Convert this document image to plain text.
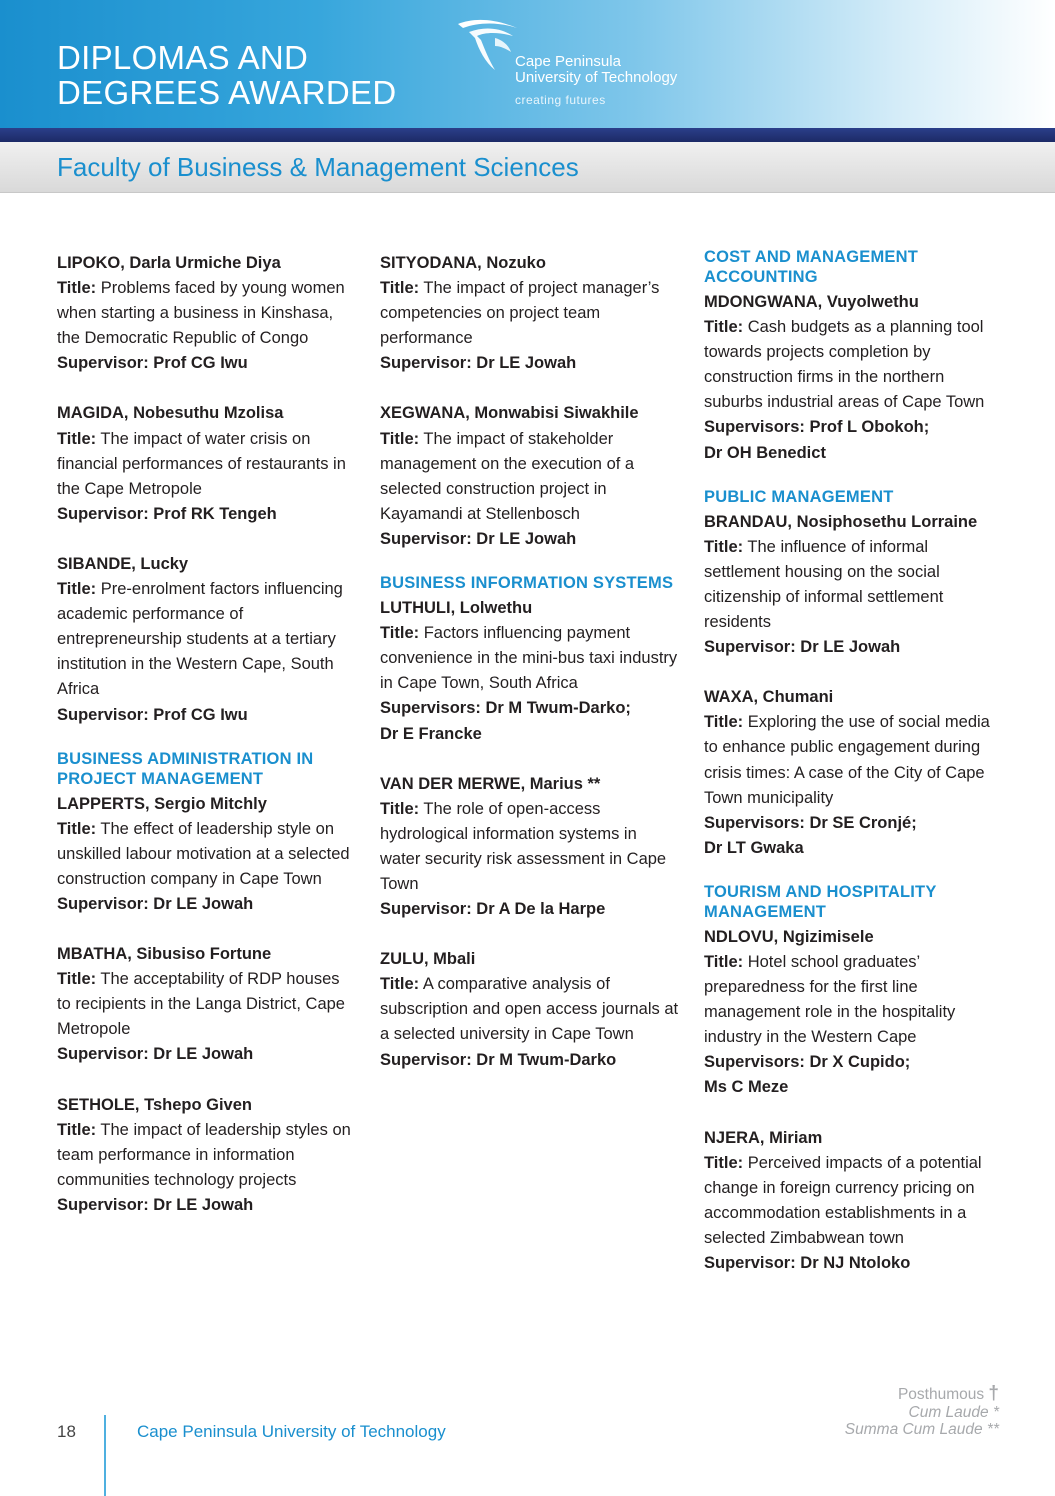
DIPLOMAS AND
DEGREES AWARDED
Cape Peninsula
University of Technology
creating futures
Faculty of Business & Management Sciences
LIPOKO, Darla Urmiche Diya
Title: Problems faced by young women when starting a business in Kinshasa, the Democratic Republic of Congo
Supervisor: Prof CG Iwu
MAGIDA, Nobesuthu Mzolisa
Title: The impact of water crisis on financial performances of restaurants in the Cape Metropole
Supervisor: Prof RK Tengeh
SIBANDE, Lucky
Title: Pre-enrolment factors influencing academic performance of entrepreneurship students at a tertiary institution in the Western Cape, South Africa
Supervisor: Prof CG Iwu
BUSINESS ADMINISTRATION IN PROJECT MANAGEMENT
LAPPERTS, Sergio Mitchly
Title: The effect of leadership style on unskilled labour motivation at a selected construction company in Cape Town
Supervisor: Dr LE Jowah
MBATHA, Sibusiso Fortune
Title: The acceptability of RDP houses to recipients in the Langa District, Cape Metropole
Supervisor: Dr LE Jowah
SETHOLE, Tshepo Given
Title: The impact of leadership styles on team performance in information communities technology projects
Supervisor: Dr LE Jowah
SITYODANA, Nozuko
Title: The impact of project manager’s competencies on project team performance
Supervisor: Dr LE Jowah
XEGWANA, Monwabisi Siwakhile
Title: The impact of stakeholder management on the execution of a selected construction project in Kayamandi at Stellenbosch
Supervisor: Dr LE Jowah
BUSINESS INFORMATION SYSTEMS
LUTHULI, Lolwethu
Title: Factors influencing payment convenience in the mini-bus taxi industry in Cape Town, South Africa
Supervisors: Dr M Twum-Darko;
Dr E Francke
VAN DER MERWE, Marius **
Title: The role of open-access hydrological information systems in water security risk assessment in Cape Town
Supervisor: Dr A De la Harpe
ZULU, Mbali
Title: A comparative analysis of subscription and open access journals at a selected university in Cape Town
Supervisor: Dr M Twum-Darko
COST AND MANAGEMENT ACCOUNTING
MDONGWANA, Vuyolwethu
Title: Cash budgets as a planning tool towards projects completion by construction firms in the northern suburbs industrial areas of Cape Town
Supervisors: Prof L Obokoh;
Dr OH Benedict
PUBLIC MANAGEMENT
BRANDAU, Nosiphosethu Lorraine
Title: The influence of informal settlement housing on the social citizenship of informal settlement residents
Supervisor: Dr LE Jowah
WAXA, Chumani
Title: Exploring the use of social media to enhance public engagement during crisis times: A case of the City of Cape Town municipality
Supervisors: Dr SE Cronjé;
Dr LT Gwaka
TOURISM AND HOSPITALITY MANAGEMENT
NDLOVU, Ngizimisele
Title: Hotel school graduates’ preparedness for the first line management role in the hospitality industry in the Western Cape
Supervisors: Dr X Cupido;
Ms C Meze
NJERA, Miriam
Title: Perceived impacts of a potential change in foreign currency pricing on accommodation establishments in a selected Zimbabwean town
Supervisor: Dr NJ Ntoloko
18	Cape Peninsula University of Technology
Posthumous †
Cum Laude *
Summa Cum Laude **
